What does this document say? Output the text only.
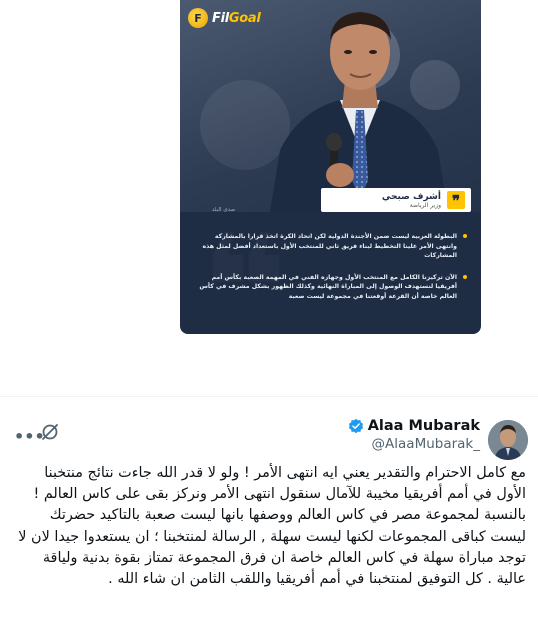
F FilGoal
❞
أشرف صبحي
وزير الرياضة
صدى البلد
البطولة العربية ليست ضمن الأجندة الدولية لكن اتحاد الكرة اتخذ قرارا بالمشاركة وانتهى الأمر علينا التخطيط لبناء فريق ثاني للمنتخب الأول باستعداد أفضل لمثل هذه المشاركات
الآن تركيزنا الكامل مع المنتخب الأول وجهازه الفني في المهمة الصعبة بكأس أمم أفريقيا لنستهدف الوصول إلى المباراة النهائية وكذلك الظهور بشكل مشرف في كأس العالم خاصة أن القرعة أوقعتنا في مجموعة ليست صعبة
Alaa Mubarak
@AlaaMubarak_
•••
مع كامل الاحترام والتقدير يعني ايه انتهى الأمر ! ولو لا قدر الله جاءت نتائج منتخبنا الأول في أمم أفريقيا مخيبة للآمال سنقول انتهى الأمر ونركز بقى على كاس العالم ! بالنسبة لمجموعة مصر في كاس العالم ووصفها بانها ليست صعبة بالتاكيد حضرتك ليست كباقى المجموعات لكنها ليست سهلة , الرسالة لمنتخبنا ؛ ان يستعدوا جيدا لان لا توجد مباراة سهلة في كاس العالم خاصة ان فرق المجموعة تمتاز بقوة بدنية ولياقة عالية . كل التوفيق لمنتخبنا في أمم أفريقيا واللقب الثامن ان شاء الله .
